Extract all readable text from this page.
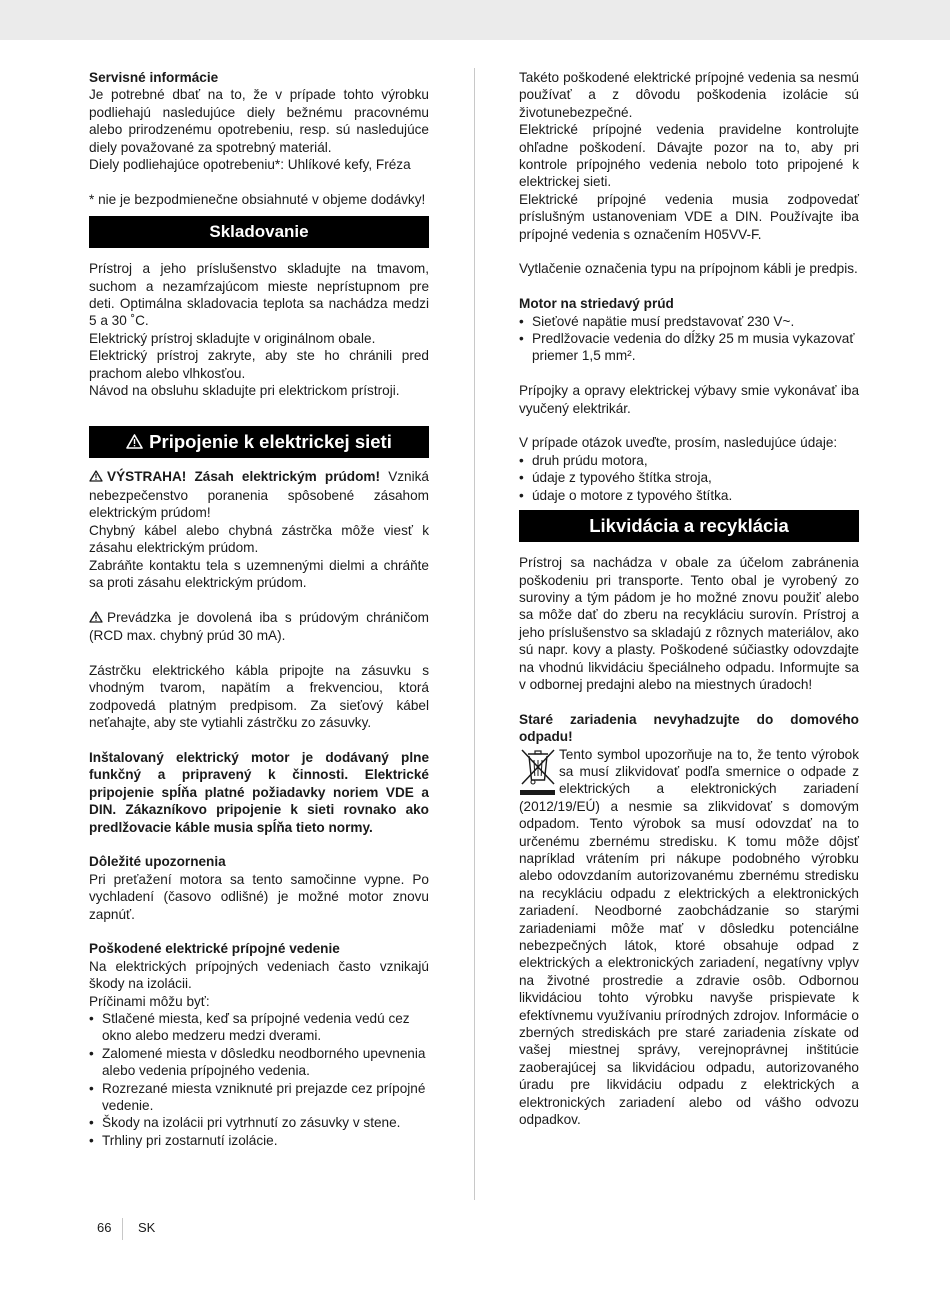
Servisné informácie

Je potrebné dbať na to, že v prípade tohto výrobku podliehajú nasledujúce diely bežnému pracovnému alebo prirodzenému opotrebeniu, resp. sú nasledujúce diely považované za spotrebný materiál.

Diely podliehajúce opotrebeniu*: Uhlíkové kefy, Fréza

* nie je bezpodmienečne obsiahnuté v objeme dodávky!

Skladovanie

Prístroj a jeho príslušenstvo skladujte na tmavom, suchom a nezamŕzajúcom mieste neprístupnom pre deti. Optimálna skladovacia teplota sa nachádza medzi 5 a 30 ˚C.

Elektrický prístroj skladujte v originálnom obale.

Elektrický prístroj zakryte, aby ste ho chránili pred prachom alebo vlhkosťou.

Návod na obsluhu skladujte pri elektrickom prístroji.

Pripojenie k elektrickej sieti

VÝSTRAHA! Zásah elektrickým prúdom! Vzniká nebezpečenstvo poranenia spôsobené zásahom elektrickým prúdom!

Chybný kábel alebo chybná zástrčka môže viesť k zásahu elektrickým prúdom.

Zabráňte kontaktu tela s uzemnenými dielmi a chráňte sa proti zásahu elektrickým prúdom.

Prevádzka je dovolená iba s prúdovým chráničom (RCD max. chybný prúd 30 mA).

Zástrčku elektrického kábla pripojte na zásuvku s vhodným tvarom, napätím a frekvenciou, ktorá zodpovedá platným predpisom. Za sieťový kábel neťahajte, aby ste vytiahli zástrčku zo zásuvky.

Inštalovaný elektrický motor je dodávaný plne funkčný a pripravený k činnosti. Elektrické pripojenie spĺňa platné požiadavky noriem VDE a DIN. Zákazníkovo pripojenie k sieti rovnako ako predlžovacie káble musia spĺňa tieto normy.

Dôležité upozornenia

Pri preťažení motora sa tento samočinne vypne. Po vychladení (časovo odlišné) je možné motor znovu zapnúť.

Poškodené elektrické prípojné vedenie

Na elektrických prípojných vedeniach často vznikajú škody na izolácii.

Príčinami môžu byť:

• Stlačené miesta, keď sa prípojné vedenia vedú cez okno alebo medzeru medzi dverami.
• Zalomené miesta v dôsledku neodborného upevnenia alebo vedenia prípojného vedenia.
• Rozrezané miesta vzniknuté pri prejazde cez prípojné vedenie.
• Škody na izolácii pri vytrhnutí zo zásuvky v stene.
• Trhliny pri zostarnutí izolácie.

Takéto poškodené elektrické prípojné vedenia sa nesmú používať a z dôvodu poškodenia izolácie sú životunebezpečné.

Elektrické prípojné vedenia pravidelne kontrolujte ohľadne poškodení. Dávajte pozor na to, aby pri kontrole prípojného vedenia nebolo toto pripojené k elektrickej sieti.

Elektrické prípojné vedenia musia zodpovedať príslušným ustanoveniam VDE a DIN. Používajte iba prípojné vedenia s označením H05VV-F.

Vytlačenie označenia typu na prípojnom kábli je predpis.

Motor na striedavý prúd

• Sieťové napätie musí predstavovať 230 V~.
• Predlžovacie vedenia do dĺžky 25 m musia vykazovať priemer 1,5 mm².

Prípojky a opravy elektrickej výbavy smie vykonávať iba vyučený elektrikár.

V prípade otázok uveďte, prosím, nasledujúce údaje:

• druh prúdu motora,
• údaje z typového štítka stroja,
• údaje o motore z typového štítka.
Likvidácia a recyklácia

Prístroj sa nachádza v obale za účelom zabránenia poškodeniu pri transporte. Tento obal je vyrobený zo suroviny a tým pádom je ho možné znovu použiť alebo sa môže dať do zberu na recykláciu surovín. Prístroj a jeho príslušenstvo sa skladajú z rôznych materiálov, ako sú napr. kovy a plasty. Poškodené súčiastky odovzdajte na vhodnú likvidáciu špeciálneho odpadu. Informujte sa v odbornej predajni alebo na miestnych úradoch!

Staré zariadenia nevyhadzujte do domového odpadu!

Tento symbol upozorňuje na to, že tento výrobok sa musí zlikvidovať podľa smernice o odpade z elektrických a elektronických zariadení (2012/19/EÚ) a nesmie sa zlikvidovať s domovým odpadom. Tento výrobok sa musí odovzdať na to určenému zbernému stredisku. K tomu môže dôjsť napríklad vrátením pri nákupe podobného výrobku alebo odovzdaním autorizovanému zbernému stredisku na recykláciu odpadu z elektrických a elektronických zariadení. Neodborné zaobchádzanie so starými zariadeniami môže mať v dôsledku potenciálne nebezpečných látok, ktoré obsahuje odpad z elektrických a elektronických zariadení, negatívny vplyv na životné prostredie a zdravie osôb. Odbornou likvidáciou tohto výrobku navyše prispievate k efektívnemu využívaniu prírodných zdrojov. Informácie o zberných strediskách pre staré zariadenia získate od vašej miestnej správy, verejnoprávnej inštitúcie zaoberajúcej sa likvidáciou odpadu, autorizovaného úradu pre likvidáciu odpadu z elektrických a elektronických zariadení alebo od vášho odvozu odpadkov.

66 SK
